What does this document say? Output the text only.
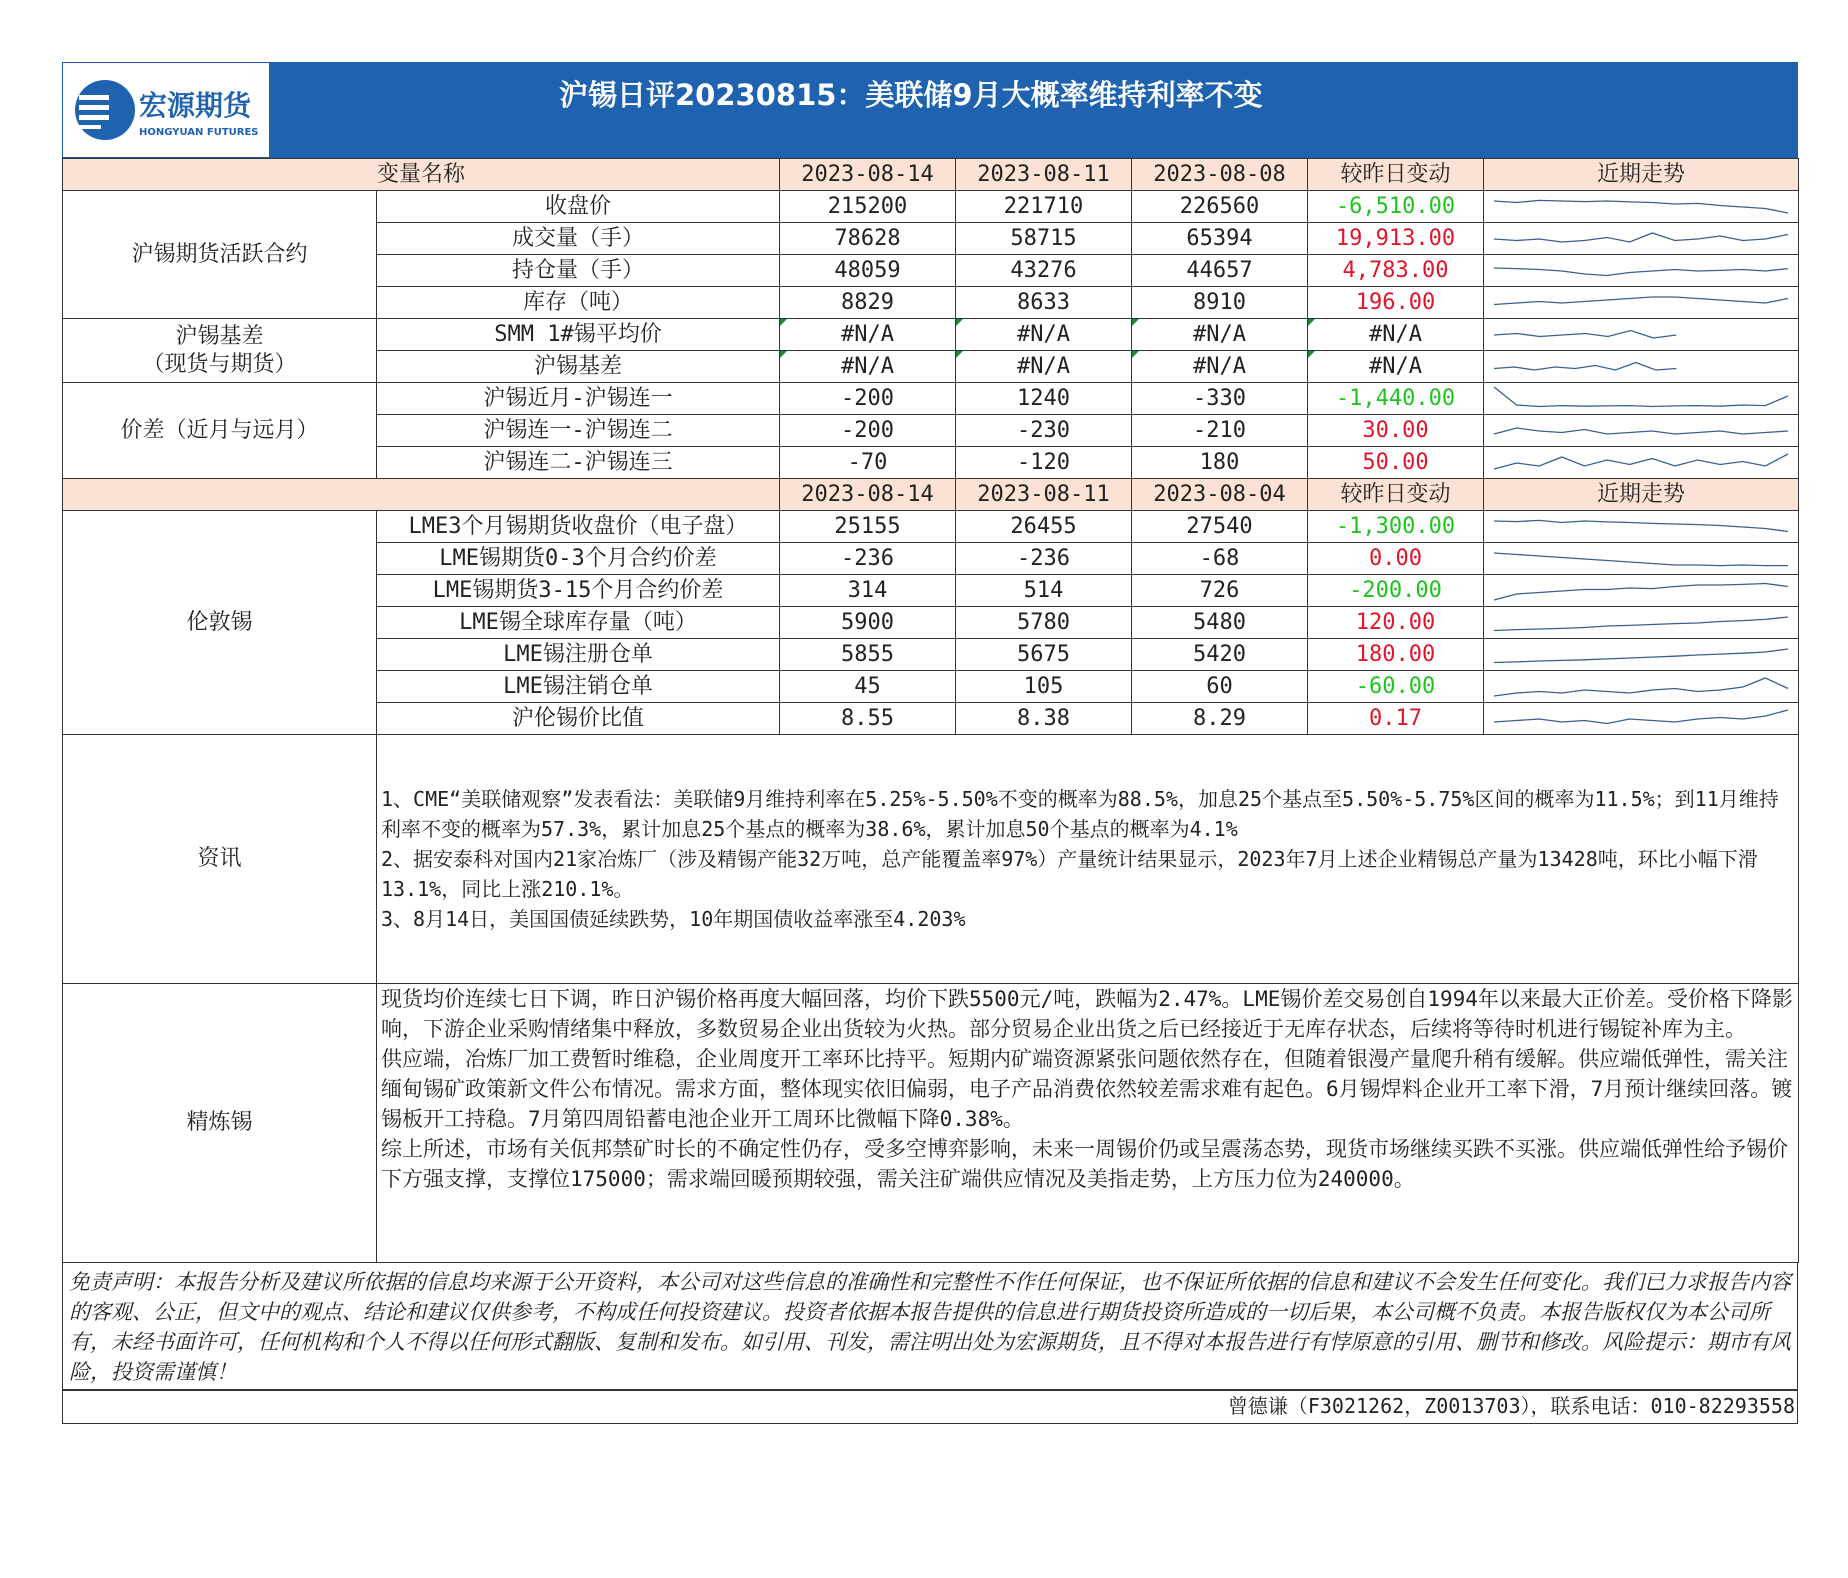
宏源期货
HONGYUAN FUTURES
沪锡日评20230815：美联储9月大概率维持利率不变
变量名称		2023-08-14	2023-08-11	2023-08-08	较昨日变动	近期走势
沪锡期货活跃合约	收盘价	215200	221710	226560	-6,510.00	

	成交量（手）	78628	58715	65394	19,913.00	

	持仓量（手）	48059	43276	44657	4,783.00	

	库存（吨）	8829	8633	8910	196.00	

沪锡基差
（现货与期货）	SMM 1#锡平均价	#N/A	#N/A	#N/A	#N/A	

	沪锡基差	#N/A	#N/A	#N/A	#N/A	

价差（近月与远月）	沪锡近月-沪锡连一	-200	1240	-330	-1,440.00	

	沪锡连一-沪锡连二	-200	-230	-210	30.00	

	沪锡连二-沪锡连三	-70	-120	180	50.00	

		2023-08-14	2023-08-11	2023-08-04	较昨日变动	近期走势
伦敦锡	LME3个月锡期货收盘价（电子盘）	25155	26455	27540	-1,300.00	

	LME锡期货0-3个月合约价差	-236	-236	-68	0.00	

	LME锡期货3-15个月合约价差	314	514	726	-200.00	

	LME锡全球库存量（吨）	5900	5780	5480	120.00	

	LME锡注册仓单	5855	5675	5420	180.00	

	LME锡注销仓单	45	105	60	-60.00	

	沪伦锡价比值	8.55	8.38	8.29	0.17	

资讯	1、CME“美联储观察”发表看法：美联储9月维持利率在5.25%-5.50%不变的概率为88.5%，加息25个基点至5.50%-5.75%区间的概率为11.5%；到11月维持利率不变的概率为57.3%，累计加息25个基点的概率为38.6%，累计加息50个基点的概率为4.1%
2、据安泰科对国内21家冶炼厂（涉及精锡产能32万吨，总产能覆盖率97%）产量统计结果显示，2023年7月上述企业精锡总产量为13428吨，环比小幅下滑13.1%，同比上涨210.1%。
3、8月14日，美国国债延续跌势，10年期国债收益率涨至4.203%					

精炼锡	现货均价连续七日下调，昨日沪锡价格再度大幅回落，均价下跌5500元/吨，跌幅为2.47%。LME锡价差交易创自1994年以来最大正价差。受价格下降影响，下游企业采购情绪集中释放，多数贸易企业出货较为火热。部分贸易企业出货之后已经接近于无库存状态，后续将等待时机进行锡锭补库为主。
供应端，冶炼厂加工费暂时维稳，企业周度开工率环比持平。短期内矿端资源紧张问题依然存在，但随着银漫产量爬升稍有缓解。供应端低弹性，需关注缅甸锡矿政策新文件公布情况。需求方面，整体现实依旧偏弱，电子产品消费依然较差需求难有起色。6月锡焊料企业开工率下滑，7月预计继续回落。镀锡板开工持稳。7月第四周铅蓄电池企业开工周环比微幅下降0.38%。
综上所述，市场有关佤邦禁矿时长的不确定性仍存，受多空博弈影响，未来一周锡价仍或呈震荡态势，现货市场继续买跌不买涨。供应端低弹性给予锡价下方强支撑，支撑位175000；需求端回暖预期较强，需关注矿端供应情况及美指走势，上方压力位为240000。					
免责声明：本报告分析及建议所依据的信息均来源于公开资料，本公司对这些信息的准确性和完整性不作任何保证，也不保证所依据的信息和建议不会发生任何变化。我们已力求报告内容的客观、公正，但文中的观点、结论和建议仅供参考，不构成任何投资建议。投资者依据本报告提供的信息进行期货投资所造成的一切后果，本公司概不负责。本报告版权仅为本公司所有，未经书面许可，任何机构和个人不得以任何形式翻版、复制和发布。如引用、刊发，需注明出处为宏源期货，且不得对本报告进行有悖原意的引用、删节和修改。风险提示：期市有风险，投资需谨慎！
曾德谦（F3021262，Z0013703），联系电话：010-82293558
